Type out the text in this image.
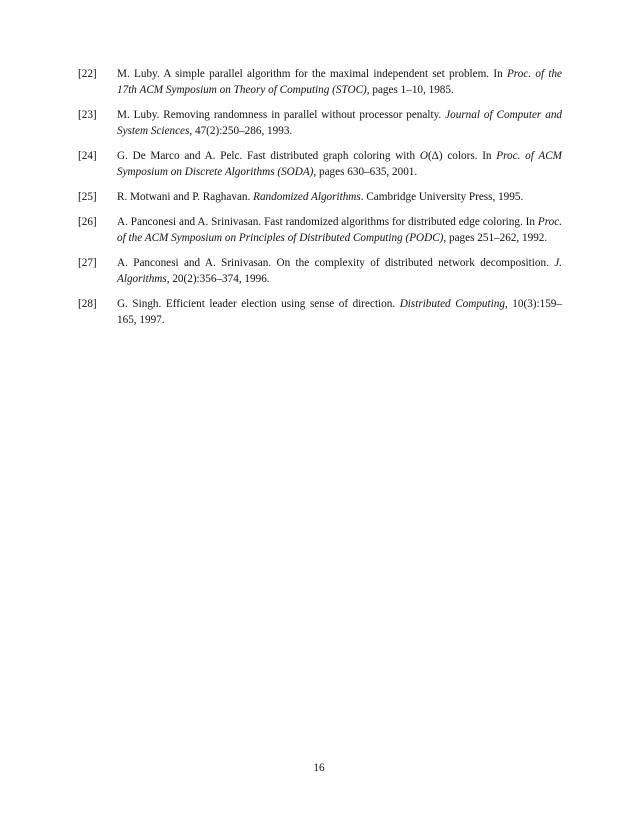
[22] M. Luby. A simple parallel algorithm for the maximal independent set problem. In Proc. of the 17th ACM Symposium on Theory of Computing (STOC), pages 1–10, 1985.
[23] M. Luby. Removing randomness in parallel without processor penalty. Journal of Computer and System Sciences, 47(2):250–286, 1993.
[24] G. De Marco and A. Pelc. Fast distributed graph coloring with O(Δ) colors. In Proc. of ACM Symposium on Discrete Algorithms (SODA), pages 630–635, 2001.
[25] R. Motwani and P. Raghavan. Randomized Algorithms. Cambridge University Press, 1995.
[26] A. Panconesi and A. Srinivasan. Fast randomized algorithms for distributed edge coloring. In Proc. of the ACM Symposium on Principles of Distributed Computing (PODC), pages 251–262, 1992.
[27] A. Panconesi and A. Srinivasan. On the complexity of distributed network decomposition. J. Algorithms, 20(2):356–374, 1996.
[28] G. Singh. Efficient leader election using sense of direction. Distributed Computing, 10(3):159–165, 1997.
16
